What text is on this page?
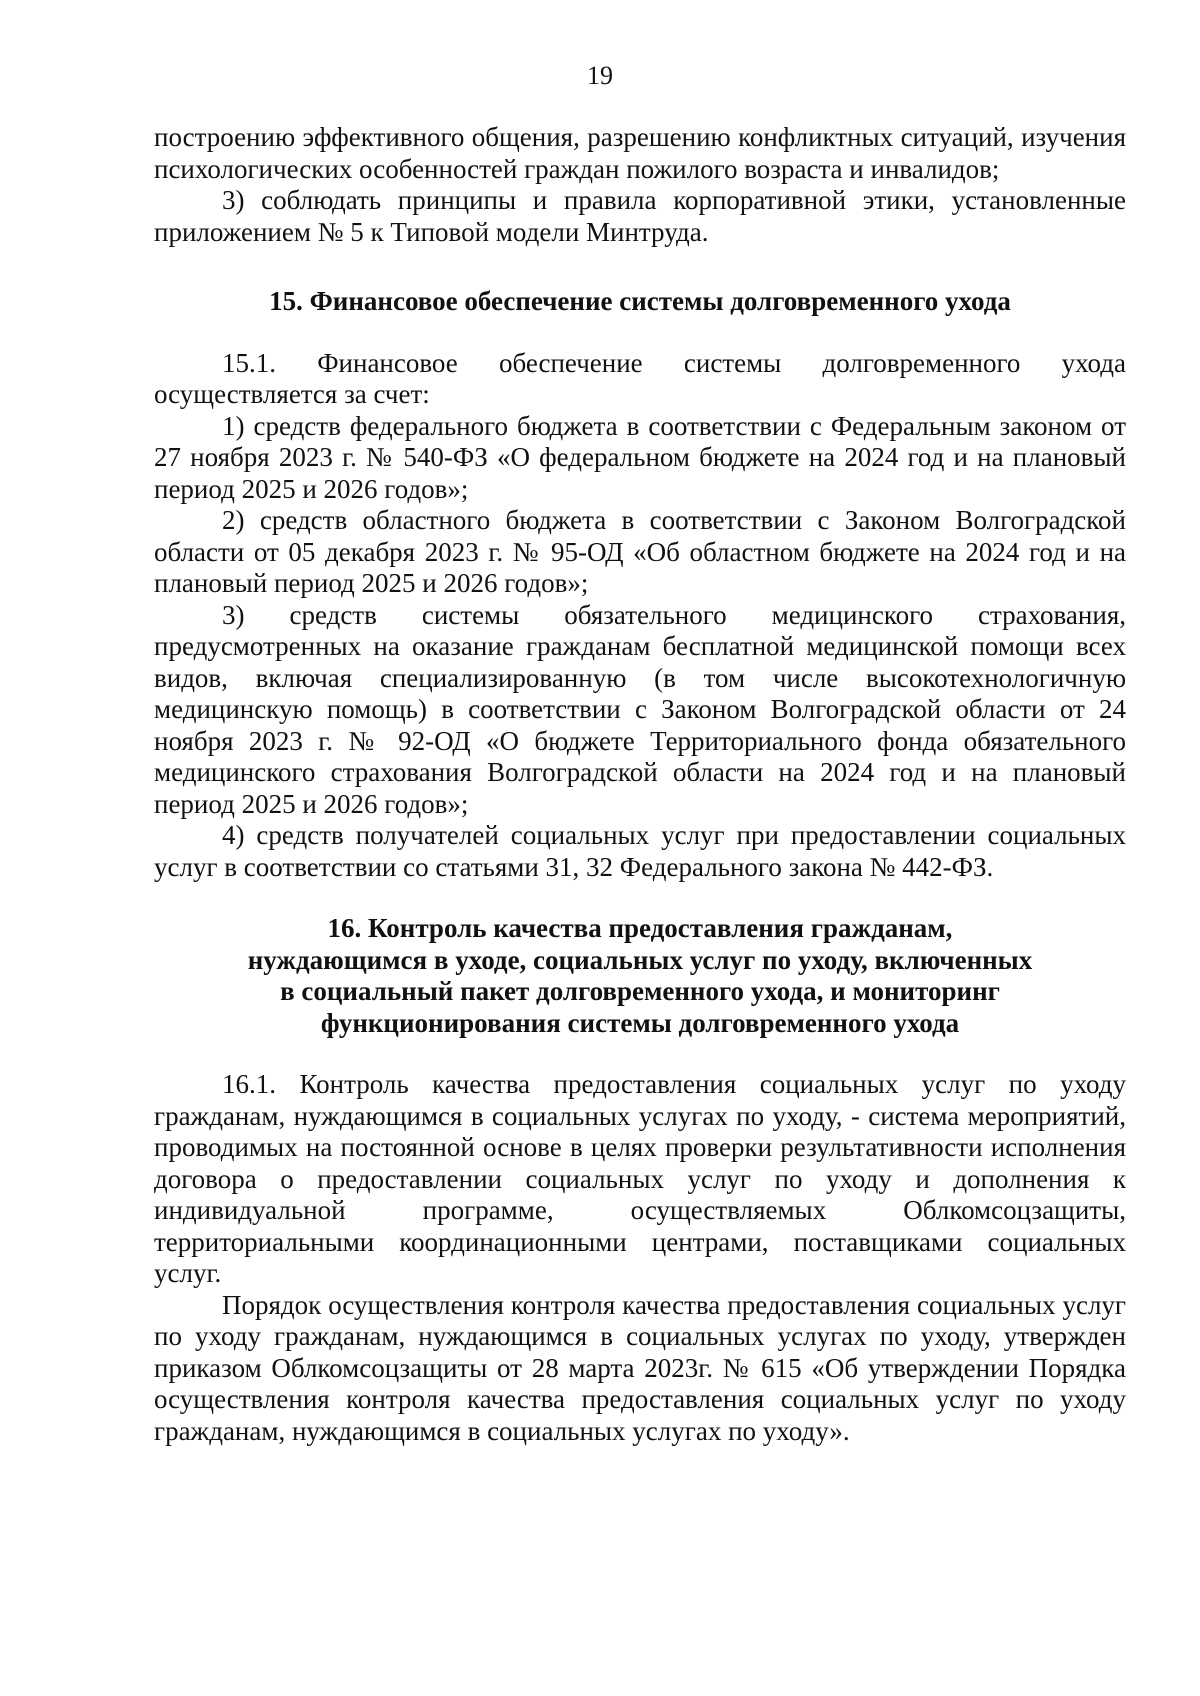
19

построению эффективного общения, разрешению конфликтных ситуаций, изучения психологических особенностей граждан пожилого возраста и инвалидов;

3) соблюдать принципы и правила корпоративной этики, установленные приложением № 5 к Типовой модели Минтруда.

15. Финансовое обеспечение системы долговременного ухода

15.1. Финансовое обеспечение системы долговременного ухода осуществляется за счет:

1) средств федерального бюджета в соответствии с Федеральным законом от 27 ноября 2023 г. № 540-ФЗ «О федеральном бюджете на 2024 год и на плановый период 2025 и 2026 годов»;

2) средств областного бюджета в соответствии с Законом Волгоградской области от 05 декабря 2023 г. № 95-ОД «Об областном бюджете на 2024 год и на плановый период 2025 и 2026 годов»;

3) средств системы обязательного медицинского страхования, предусмотренных на оказание гражданам бесплатной медицинской помощи всех видов, включая специализированную (в том числе высокотехнологичную медицинскую помощь) в соответствии с Законом Волгоградской области от 24 ноября 2023 г. № 92-ОД «О бюджете Территориального фонда обязательного медицинского страхования Волгоградской области на 2024 год и на плановый период 2025 и 2026 годов»;

4) средств получателей социальных услуг при предоставлении социальных услуг в соответствии со статьями 31, 32 Федерального закона № 442-ФЗ.

16. Контроль качества предоставления гражданам,
нуждающимся в уходе, социальных услуг по уходу, включенных
в социальный пакет долговременного ухода, и мониторинг
функционирования системы долговременного ухода

16.1. Контроль качества предоставления социальных услуг по уходу гражданам, нуждающимся в социальных услугах по уходу, - система мероприятий, проводимых на постоянной основе в целях проверки результативности исполнения договора о предоставлении социальных услуг по уходу и дополнения к индивидуальной программе, осуществляемых Облкомсоцзащиты, территориальными координационными центрами, поставщиками социальных услуг.

Порядок осуществления контроля качества предоставления социальных услуг по уходу гражданам, нуждающимся в социальных услугах по уходу, утвержден приказом Облкомсоцзащиты от 28 марта 2023г. № 615 «Об утверждении Порядка осуществления контроля качества предоставления социальных услуг по уходу гражданам, нуждающимся в социальных услугах по уходу».
